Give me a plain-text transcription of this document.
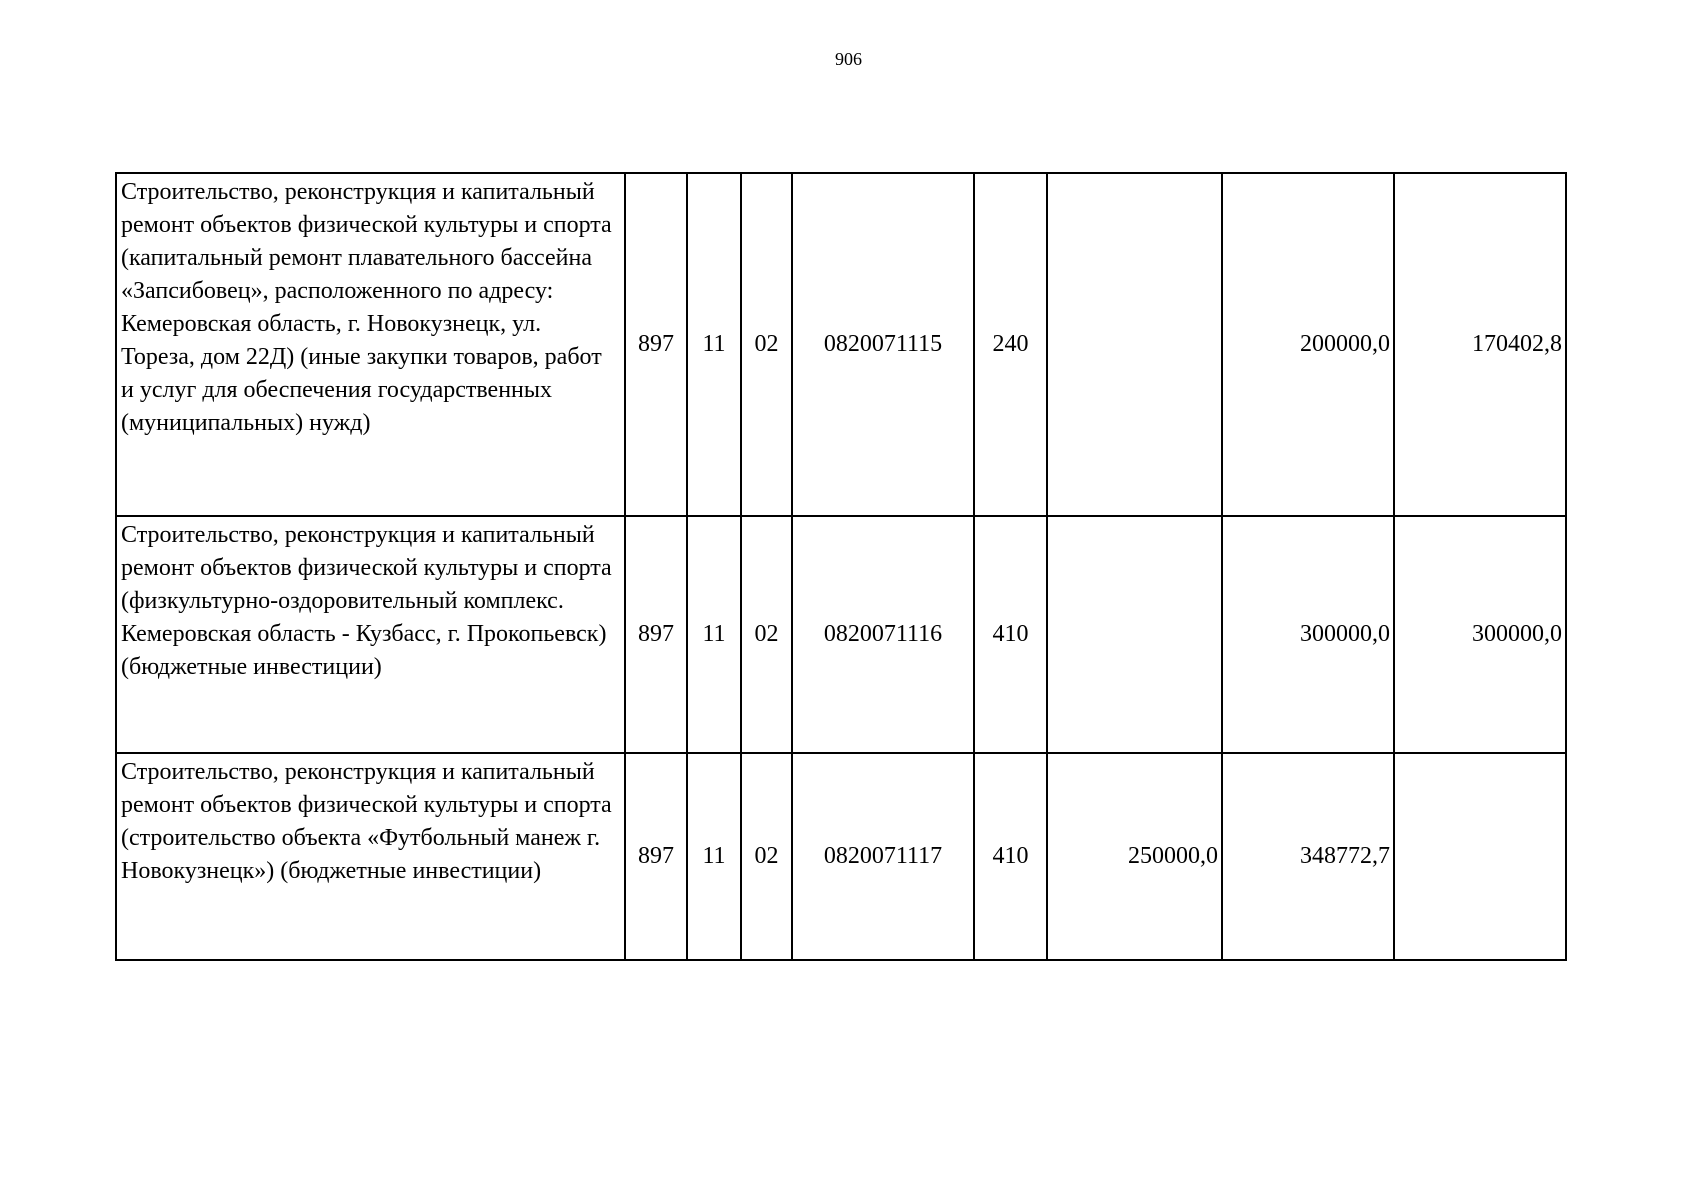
906
Строительство, реконструкция и капитальный ремонт объектов физической культуры и спорта (капитальный ремонт плавательного бассейна «Запсибовец», расположенного по адресу: Кемеровская область, г. Новокузнецк, ул. Тореза, дом 22Д) (иные закупки товаров, работ и услуг для обеспечения государственных (муниципальных) нужд)	897	11	02	0820071115	240		200000,0	170402,8
Строительство, реконструкция и капитальный ремонт объектов физической культуры и спорта (физкультурно-оздоровительный комплекс. Кемеровская область - Кузбасс, г. Прокопьевск) (бюджетные инвестиции)	897	11	02	0820071116	410		300000,0	300000,0
Строительство, реконструкция и капитальный ремонт объектов физической культуры и спорта (строительство объекта «Футбольный манеж г. Новокузнецк») (бюджетные инвестиции)	897	11	02	0820071117	410	250000,0	348772,7	
